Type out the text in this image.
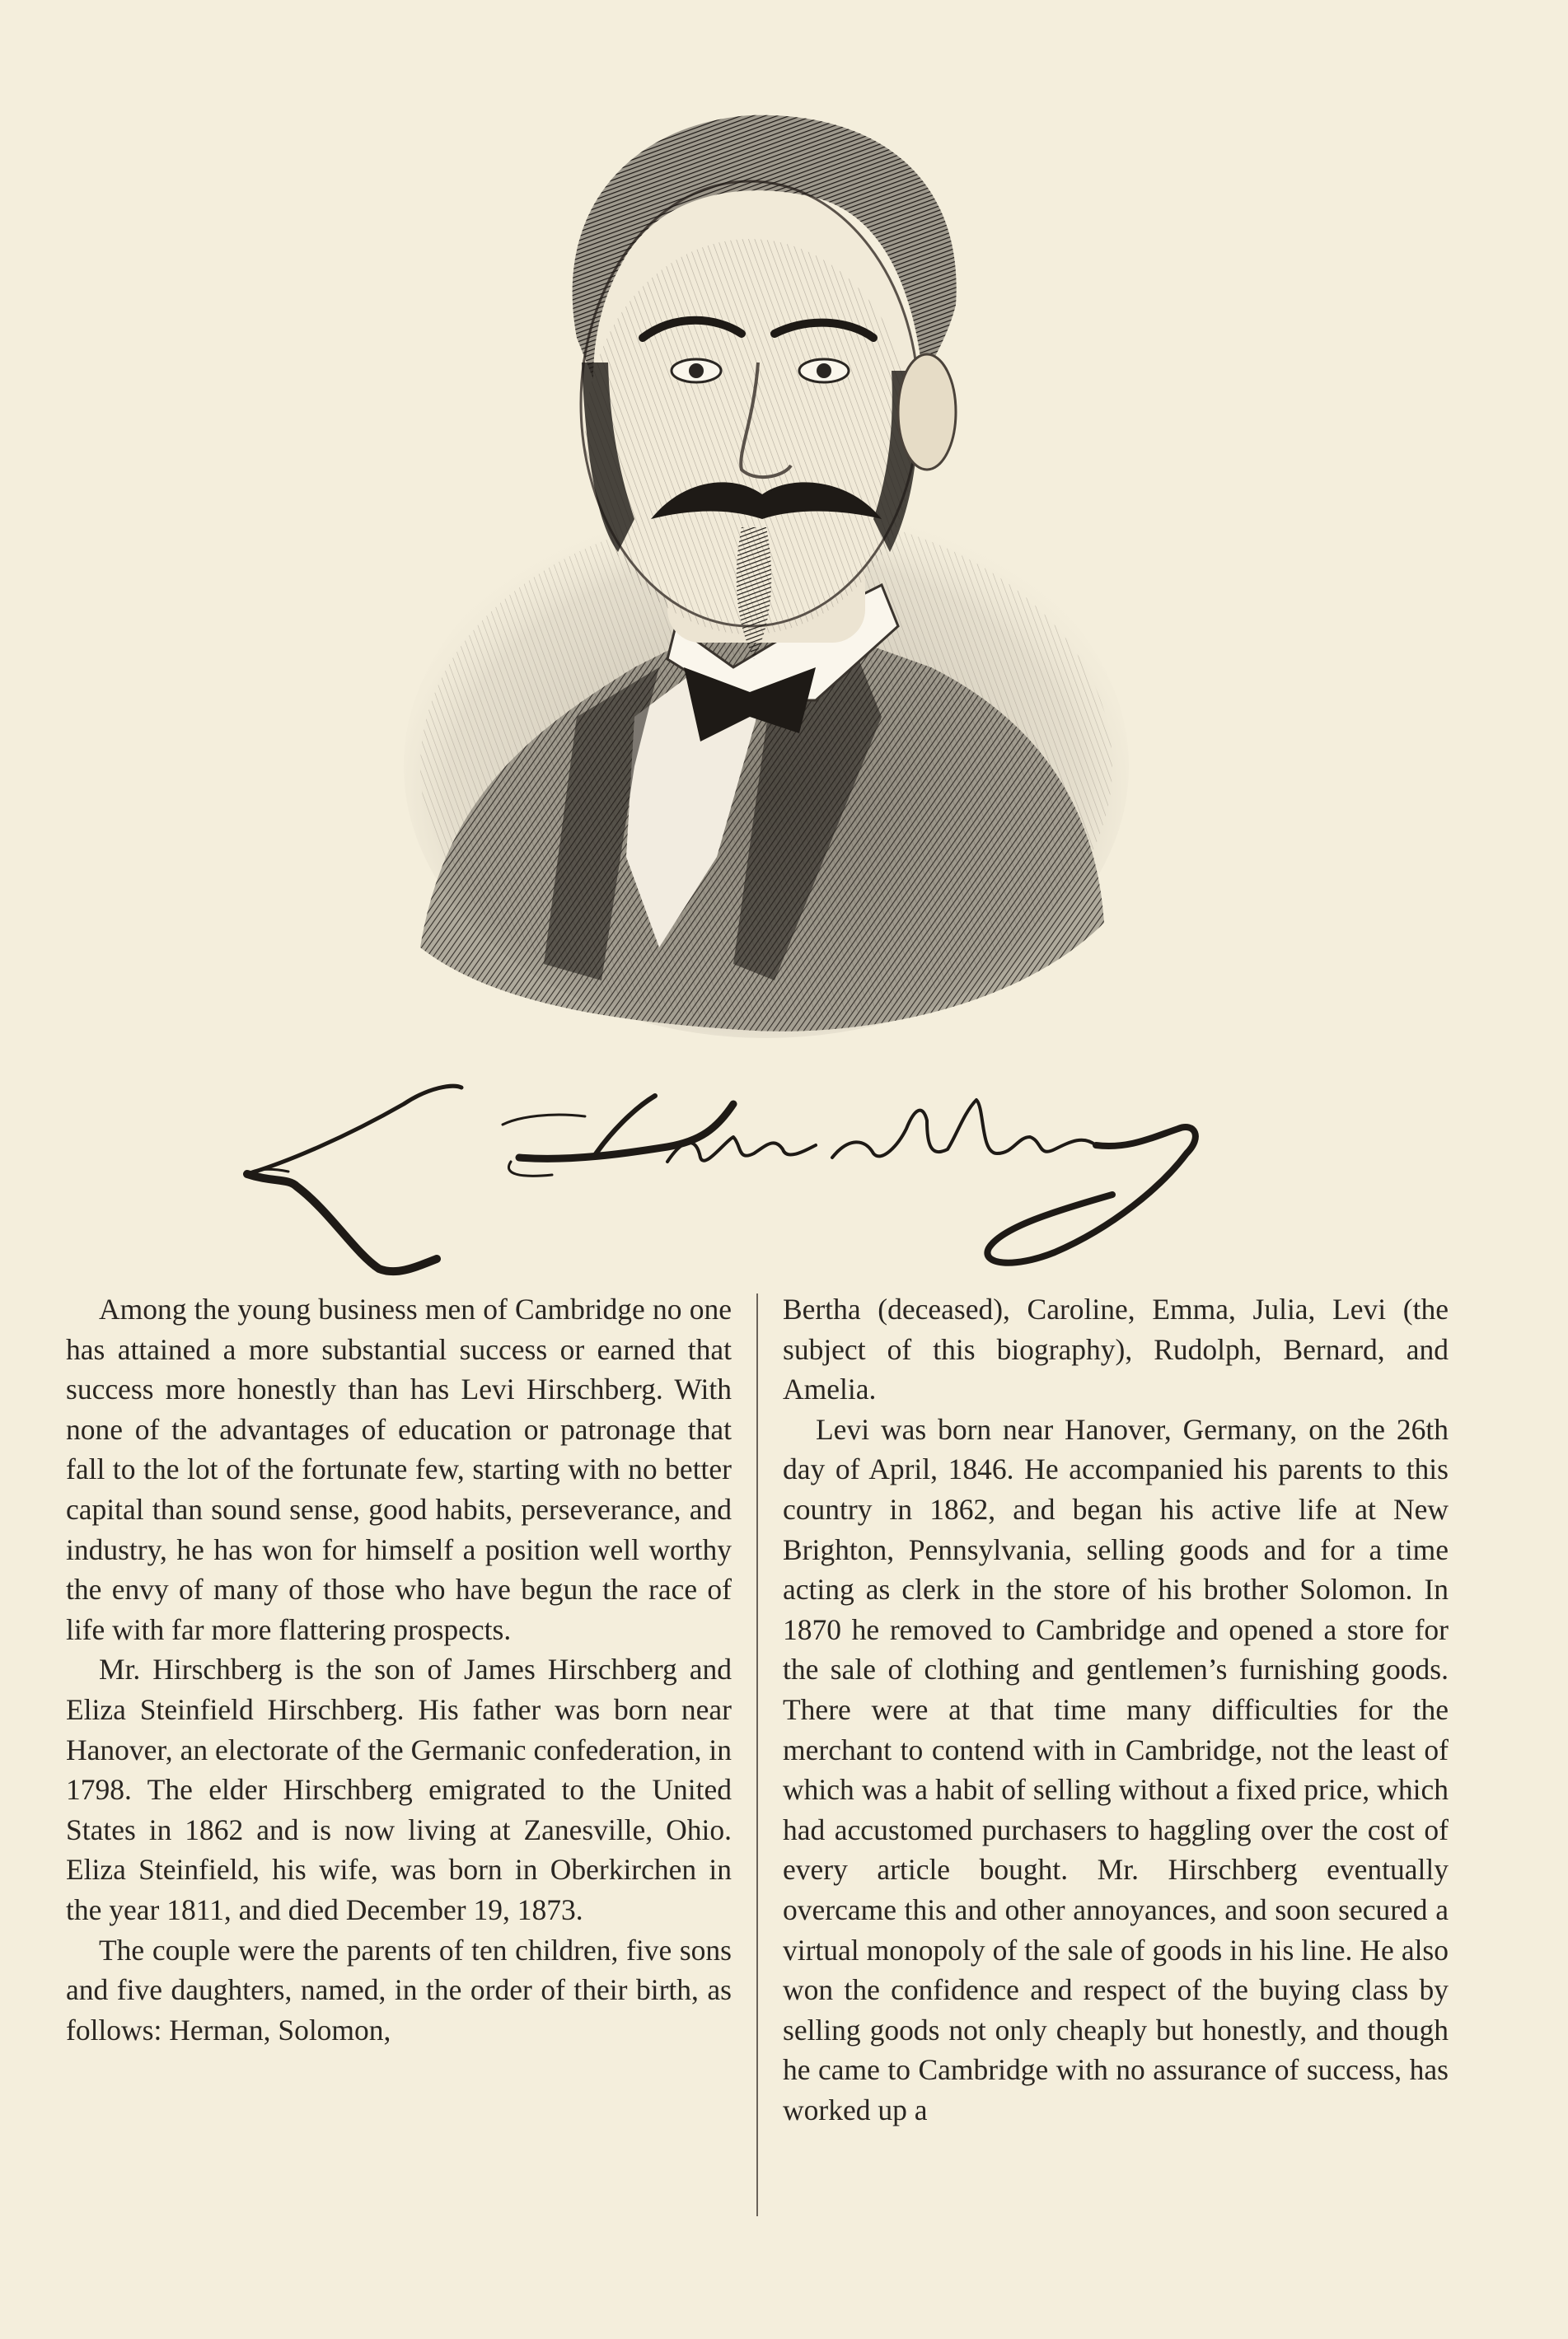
Among the young business men of Cambridge no one has attained a more substantial success or earned that success more honestly than has Levi Hirschberg. With none of the advantages of education or patronage that fall to the lot of the fortunate few, starting with no better capital than sound sense, good habits, perseverance, and industry, he has won for himself a position well worthy the envy of many of those who have begun the race of life with far more flattering prospects.

Mr. Hirschberg is the son of James Hirschberg and Eliza Steinfield Hirschberg. His father was born near Hanover, an electorate of the Germanic confederation, in 1798. The elder Hirschberg emigrated to the United States in 1862 and is now living at Zanesville, Ohio. Eliza Steinfield, his wife, was born in Oberkirchen in the year 1811, and died December 19, 1873.

The couple were the parents of ten children, five sons and five daughters, named, in the order of their birth, as follows: Herman, Solomon,

Bertha (deceased), Caroline, Emma, Julia, Levi (the subject of this biography), Rudolph, Bernard, and Amelia.

Levi was born near Hanover, Germany, on the 26th day of April, 1846. He accompanied his parents to this country in 1862, and began his active life at New Brighton, Pennsylvania, selling goods and for a time acting as clerk in the store of his brother Solomon. In 1870 he removed to Cambridge and opened a store for the sale of clothing and gentlemen’s furnishing goods. There were at that time many difficulties for the merchant to contend with in Cambridge, not the least of which was a habit of selling without a fixed price, which had accustomed purchasers to haggling over the cost of every article bought. Mr. Hirschberg eventually overcame this and other annoyances, and soon secured a virtual monopoly of the sale of goods in his line. He also won the confidence and respect of the buying class by selling goods not only cheaply but honestly, and though he came to Cambridge with no assurance of success, has worked up a
